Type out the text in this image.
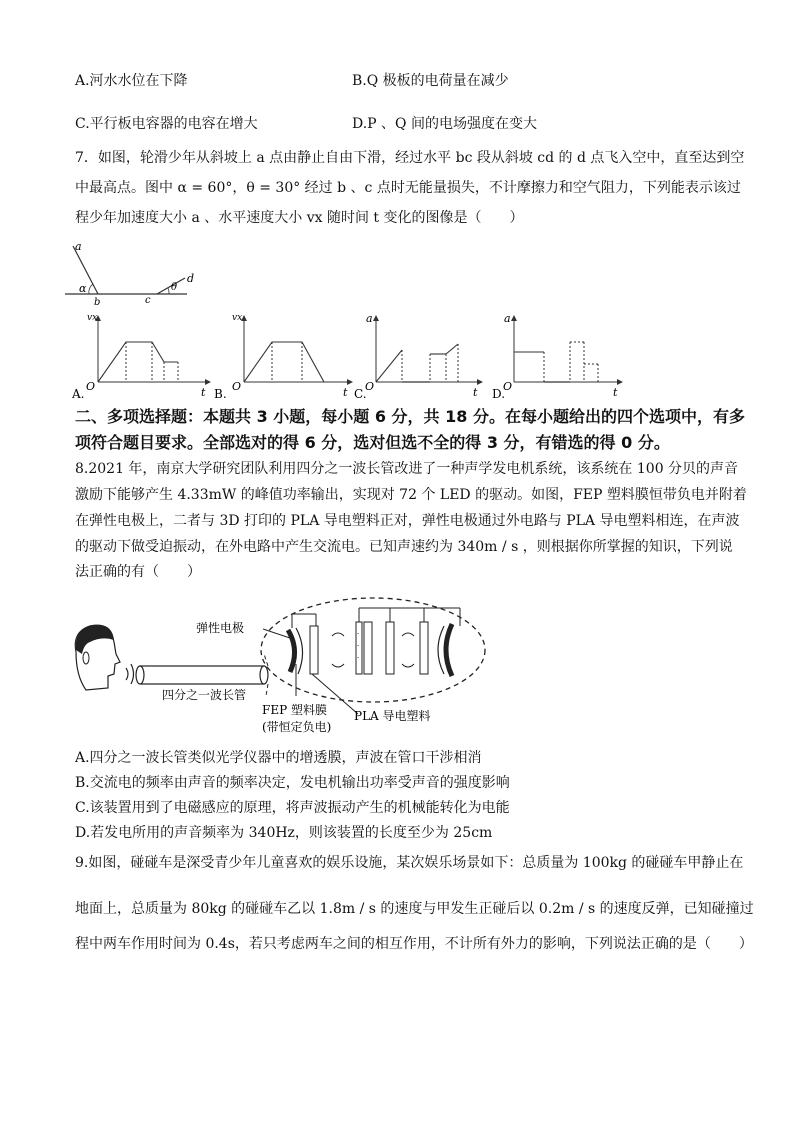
A.河水水位在下降	B.Q 极板的电荷量在减少
C.平行板电容器的电容在增大	D.P 、Q 间的电场强度在变大
7．如图，轮滑少年从斜坡上 a 点由静止自由下滑，经过水平 bc 段从斜坡 cd 的 d 点飞入空中，直至达到空
中最高点。图中 α = 60°，θ = 30° 经过 b 、c 点时无能量损失，不计摩擦力和空气阻力，下列能表示该过
程少年加速度大小 a 、水平速度大小 vx 随时间 t 变化的图像是（　　）
a
d
b	c
α	θ
vx
t
O
A.
vx
t
O
B.
a
t
O
C.
a
t
O
D.
二、多项选择题：本题共 3 小题，每小题 6 分，共 18 分。在每小题给出的四个选项中，有多
项符合题目要求。全部选对的得 6 分，选对但选不全的得 3 分，有错选的得 0 分。
8.2021 年，南京大学研究团队利用四分之一波长管改进了一种声学发电机系统，该系统在 100 分贝的声音
激励下能够产生 4.33mW 的峰值功率输出，实现对 72 个 LED 的驱动。如图，FEP 塑料膜恒带负电并附着
在弹性电极上，二者与 3D 打印的 PLA 导电塑料正对，弹性电极通过外电路与 PLA 导电塑料相连，在声波
的驱动下做受迫振动，在外电路中产生交流电。已知声速约为 340m / s ，则根据你所掌握的知识，下列说
法正确的有（　　）
·
·
·
·
·
·
弹性电极
四分之一波长管
FEP 塑料膜
(带恒定负电)
PLA 导电塑料
A.四分之一波长管类似光学仪器中的增透膜，声波在管口干涉相消
B.交流电的频率由声音的频率决定，发电机输出功率受声音的强度影响
C.该装置用到了电磁感应的原理，将声波振动产生的机械能转化为电能
D.若发电所用的声音频率为 340Hz，则该装置的长度至少为 25cm
9.如图，碰碰车是深受青少年儿童喜欢的娱乐设施，某次娱乐场景如下：总质量为 100kg 的碰碰车甲静止在
地面上，总质量为 80kg 的碰碰车乙以 1.8m / s 的速度与甲发生正碰后以 0.2m / s 的速度反弹，已知碰撞过
程中两车作用时间为 0.4s，若只考虑两车之间的相互作用，不计所有外力的影响，下列说法正确的是（　　）
